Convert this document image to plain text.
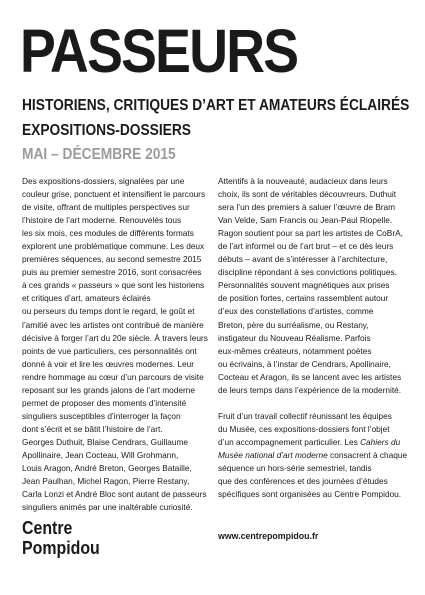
PASSEURS
HISTORIENS, CRITIQUES D’ART ET AMATEURS ÉCLAIRÉS
EXPOSITIONS-DOSSIERS
MAI – DÉCEMBRE 2015
Des expositions-dossiers, signalées par une
couleur grise, ponctuent et intensifient le parcours
de visite, offrant de multiples perspectives sur
l’histoire de l’art moderne. Renouvelés tous
les six mois, ces modules de différents formats
explorent une problématique commune. Les deux
premières séquences, au second semestre 2015
puis au premier semestre 2016, sont consacrées
à ces grands « passeurs » que sont les historiens
et critiques d’art, amateurs éclairés
ou perseurs du temps dont le regard, le goût et
l’amitié avec les artistes ont contribué de manière
décisive à forger l’art du 20e siècle. À travers leurs
points de vue particuliers, ces personnalités ont
donné à voir et lire les œuvres modernes. Leur
rendre hommage au cœur d’un parcours de visite
reposant sur les grands jalons de l’art moderne
permet de proposer des moments d’intensité
singuliers susceptibles d’interroger la façon
dont s’écrit et se bâtit l’histoire de l’art.
Georges Duthuit, Blaise Cendrars, Guillaume
Apollinaire, Jean Cocteau, Will Grohmann,
Louis Aragon, André Breton, Georges Bataille,
Jean Paulhan, Michel Ragon, Pierre Restany,
Carla Lonzi et André Bloc sont autant de passeurs
singuliers animés par une inaltérable curiosité.
Attentifs à la nouveauté, audacieux dans leurs
choix, ils sont de véritables découvreurs. Duthuit
sera l’un des premiers à saluer l’œuvre de Bram
Van Velde, Sam Francis ou Jean-Paul Riopelle.
Ragon soutient pour sa part les artistes de CoBrA,
de l’art informel ou de l’art brut – et ce dès leurs
débuts – avant de s’intéresser à l’architecture,
discipline répondant à ses convictions politiques.
Personnalités souvent magnétiques aux prises
de position fortes, certains rassemblent autour
d’eux des constellations d’artistes, comme
Breton, père du surréalisme, ou Restany,
instigateur du Nouveau Réalisme. Parfois
eux-mêmes créateurs, notamment poètes
ou écrivains, à l’instar de Cendrars, Apollinaire,
Cocteau et Aragon, ils se lancent avec les artistes
de leurs temps dans l’expérience de la modernité.
Fruit d’un travail collectif réunissant les équipes
du Musée, ces expositions-dossiers font l’objet
d’un accompagnement particulier. Les Cahiers du
Musée national d’art moderne consacrent à chaque
séquence un hors-série semestriel, tandis
que des conférences et des journées d’études
spécifiques sont organisées au Centre Pompidou.
Centre
Pompidou
www.centrepompidou.fr
